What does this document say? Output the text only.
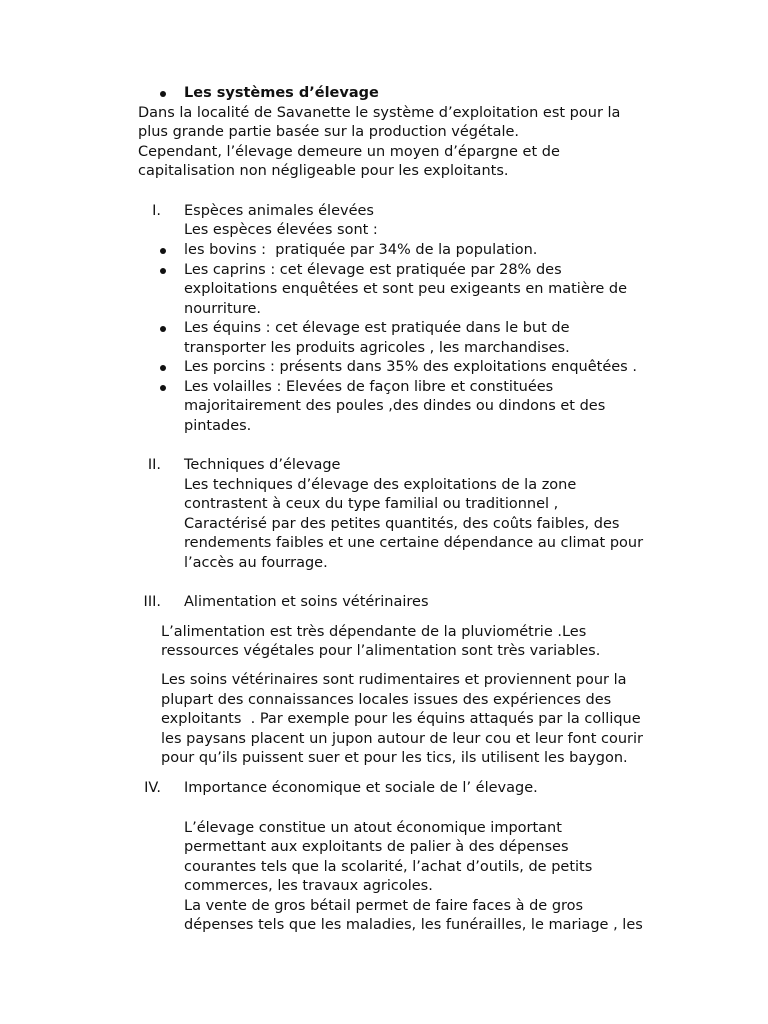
Les systèmes d’élevage
Dans la localité de Savanette le système d’exploitation est pour la
plus grande partie basée sur la production végétale.
Cependant, l’élevage demeure un moyen d’épargne et de
capitalisation non négligeable pour les exploitants.
I. Espèces animales élevées
Les espèces élevées sont :
les bovins :  pratiquée par 34% de la population.
Les caprins : cet élevage est pratiquée par 28% des
exploitations enquêtées et sont peu exigeants en matière de
nourriture.
Les équins : cet élevage est pratiquée dans le but de
transporter les produits agricoles , les marchandises.
Les porcins : présents dans 35% des exploitations enquêtées .
Les volailles : Elevées de façon libre et constituées
majoritairement des poules ,des dindes ou dindons et des
pintades.
II. Techniques d’élevage
Les techniques d’élevage des exploitations de la zone
contrastent à ceux du type familial ou traditionnel ,
Caractérisé par des petites quantités, des coûts faibles, des
rendements faibles et une certaine dépendance au climat pour
l’accès au fourrage.
III. Alimentation et soins vétérinaires
L’alimentation est très dépendante de la pluviométrie .Les
ressources végétales pour l’alimentation sont très variables.
Les soins vétérinaires sont rudimentaires et proviennent pour la
plupart des connaissances locales issues des expériences des
exploitants  . Par exemple pour les équins attaqués par la collique
les paysans placent un jupon autour de leur cou et leur font courir
pour qu’ils puissent suer et pour les tics, ils utilisent les baygon.
IV. Importance économique et sociale de l’ élevage.
L’élevage constitue un atout économique important
permettant aux exploitants de palier à des dépenses
courantes tels que la scolarité, l’achat d’outils, de petits
commerces, les travaux agricoles.
La vente de gros bétail permet de faire faces à de gros
dépenses tels que les maladies, les funérailles, le mariage , les
